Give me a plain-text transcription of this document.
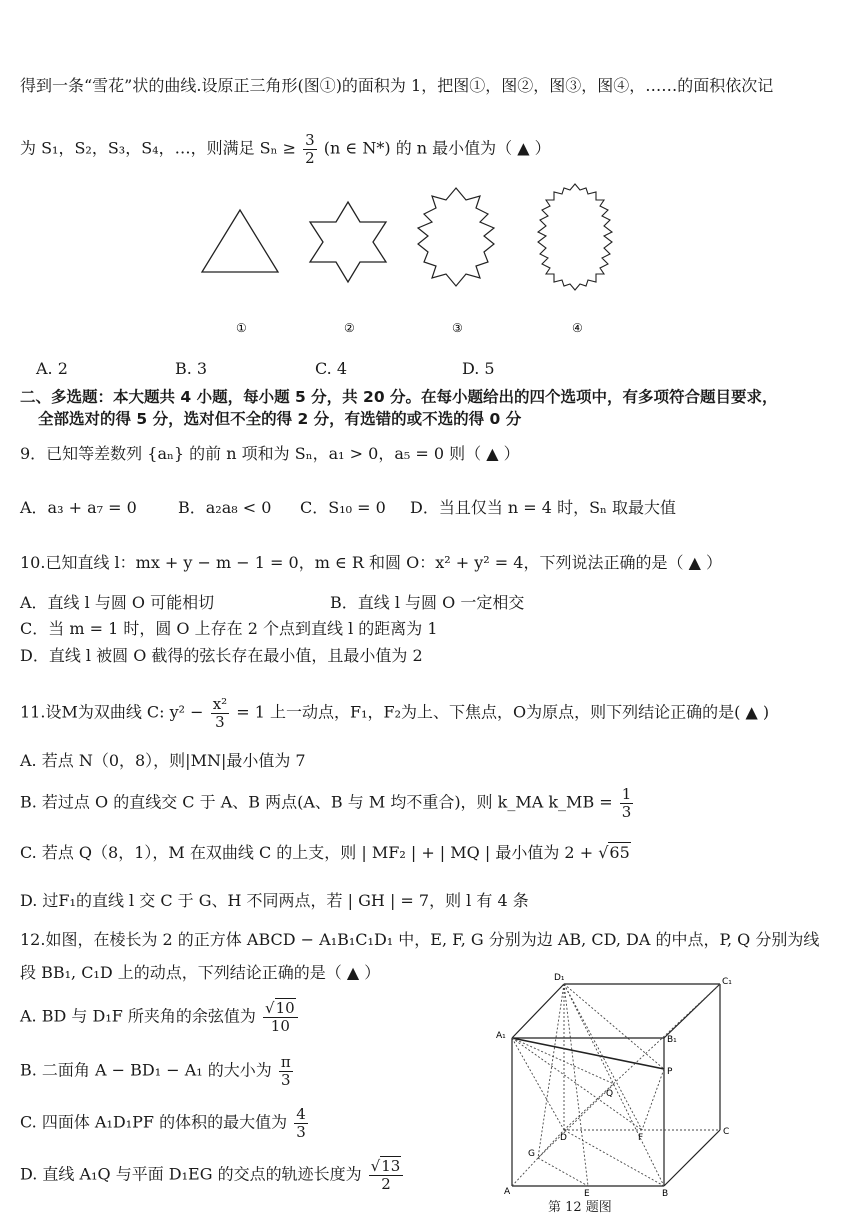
得到一条“雪花”状的曲线.设原正三角形(图①)的面积为 1，把图①，图②，图③，图④，……的面积依次记
为 S₁，S₂，S₃，S₄，…，则满足 $S_n \ge \frac{3}{2} (n$ ∈ N*) 的 n 最小值为（ ▲ ）
①	②	③	④
A. 2	B. 3	C. 4	D. 5
二、多选题：本大题共 4 小题，每小题 5 分，共 20 分。在每小题给出的四个选项中，有多项符合题目要求，
全部选对的得 5 分，选对但不全的得 2 分，有选错的或不选的得 0 分
9．已知等差数列 {aₙ} 的前 n 项和为 Sₙ，a₁ > 0，a₅ = 0 则（ ▲ ）
A．a₃ + a₇ = 0	B．a₂a₈ < 0 C．S₁₀ = 0 D．当且仅当 n = 4 时，Sₙ 取最大值
10.已知直线 l：mx + y − m − 1 = 0，m ∈ R 和圆 O：x² + y² = 4，下列说法正确的是（ ▲ ）
A．直线 l 与圆 O 可能相切	B．直线 l 与圆 O 一定相交
C．当 m = 1 时，圆 O 上存在 2 个点到直线 l 的距离为 1
D．直线 l 被圆 O 截得的弦长存在最小值，且最小值为 2
11.设M为双曲线 C: $y^2 - \frac{\text{x²}}{3} = 1$ 上一动点，F₁，F₂为上、下焦点，O为原点，则下列结论正确的是( ▲ )
A. 若点 N（0，8），则|MN|最小值为 7
B. 若过点 O 的直线交 C 于 A、B 两点(A、B 与 M 均不重合)，则 k_MA k_MB = $\frac{1}{3}$
C. 若点 Q（8，1），M 在双曲线 C 的上支，则 | MF₂ | + | MQ | 最小值为 2 + √65
D. 过F₁的直线 l 交 C 于 G、H 不同两点，若 | GH | = 7，则 l 有 4 条
12.如图，在棱长为 2 的正方体 ABCD − A₁B₁C₁D₁ 中，E, F, G 分别为边 AB, CD, DA 的中点，P, Q 分别为线
段 BB₁, C₁D 上的动点，下列结论正确的是（ ▲ ）
A. BD 与 D₁F 所夹角的余弦值为 $\frac{√10}{10}$
B. 二面角 A − BD₁ − A₁ 的大小为 $\frac{\pi}{3}$
C. 四面体 A₁D₁PF 的体积的最大值为 $\frac{4}{3}$
D. 直线 A₁Q 与平面 D₁EG 的交点的轨迹长度为 $\frac{√13}{2}$
D₁	C₁
A₁	B₁
P
Q
D	F
C
G
A	E	B
第 12 题图
